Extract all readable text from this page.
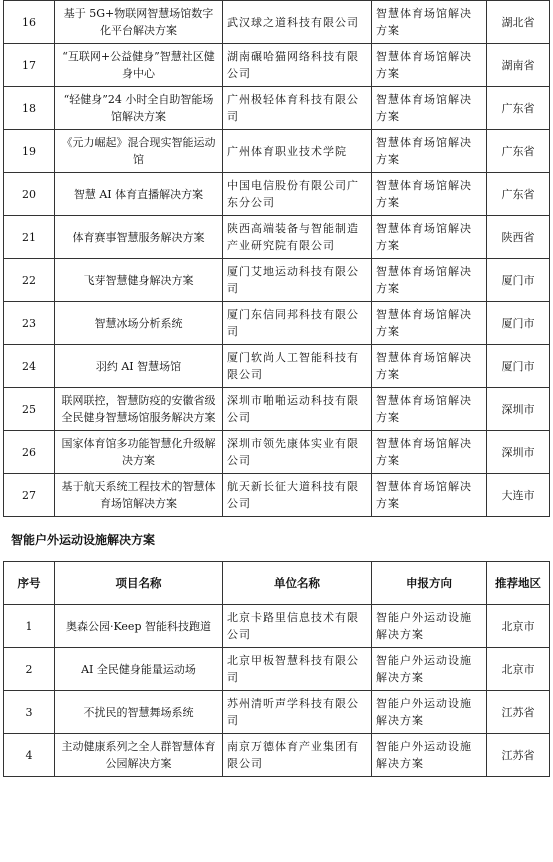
16	基于 5G+物联网智慧场馆数字化平台解决方案	武汉球之道科技有限公司	智慧体育场馆解决方案	湖北省
17	“互联网+公益健身”智慧社区健身中心	湖南碾哈猫网络科技有限公司	智慧体育场馆解决方案	湖南省
18	“轻健身”24 小时全自助智能场馆解决方案	广州极轻体育科技有限公司	智慧体育场馆解决方案	广东省
19	《元力崛起》混合现实智能运动馆	广州体育职业技术学院	智慧体育场馆解决方案	广东省
20	智慧 AI 体育直播解决方案	中国电信股份有限公司广东分公司	智慧体育场馆解决方案	广东省
21	体育赛事智慧服务解决方案	陕西高端装备与智能制造产业研究院有限公司	智慧体育场馆解决方案	陕西省
22	飞芽智慧健身解决方案	厦门艾地运动科技有限公司	智慧体育场馆解决方案	厦门市
23	智慧冰场分析系统	厦门东信同邦科技有限公司	智慧体育场馆解决方案	厦门市
24	羽约 AI 智慧场馆	厦门软尚人工智能科技有限公司	智慧体育场馆解决方案	厦门市
25	联网联控，智慧防疫的安徽省级全民健身智慧场馆服务解决方案	深圳市啪啪运动科技有限公司	智慧体育场馆解决方案	深圳市
26	国家体育馆多功能智慧化升级解决方案	深圳市领先康体实业有限公司	智慧体育场馆解决方案	深圳市
27	基于航天系统工程技术的智慧体育场馆解决方案	航天新长征大道科技有限公司	智慧体育场馆解决方案	大连市
智能户外运动设施解决方案
序号	项目名称	单位名称	申报方向	推荐地区
1	奥森公园·Keep 智能科技跑道	北京卡路里信息技术有限公司	智能户外运动设施解决方案	北京市
2	AI 全民健身能量运动场	北京甲板智慧科技有限公司	智能户外运动设施解决方案	北京市
3	不扰民的智慧舞场系统	苏州清听声学科技有限公司	智能户外运动设施解决方案	江苏省
4	主动健康系列之全人群智慧体育公园解决方案	南京万德体育产业集团有限公司	智能户外运动设施解决方案	江苏省
